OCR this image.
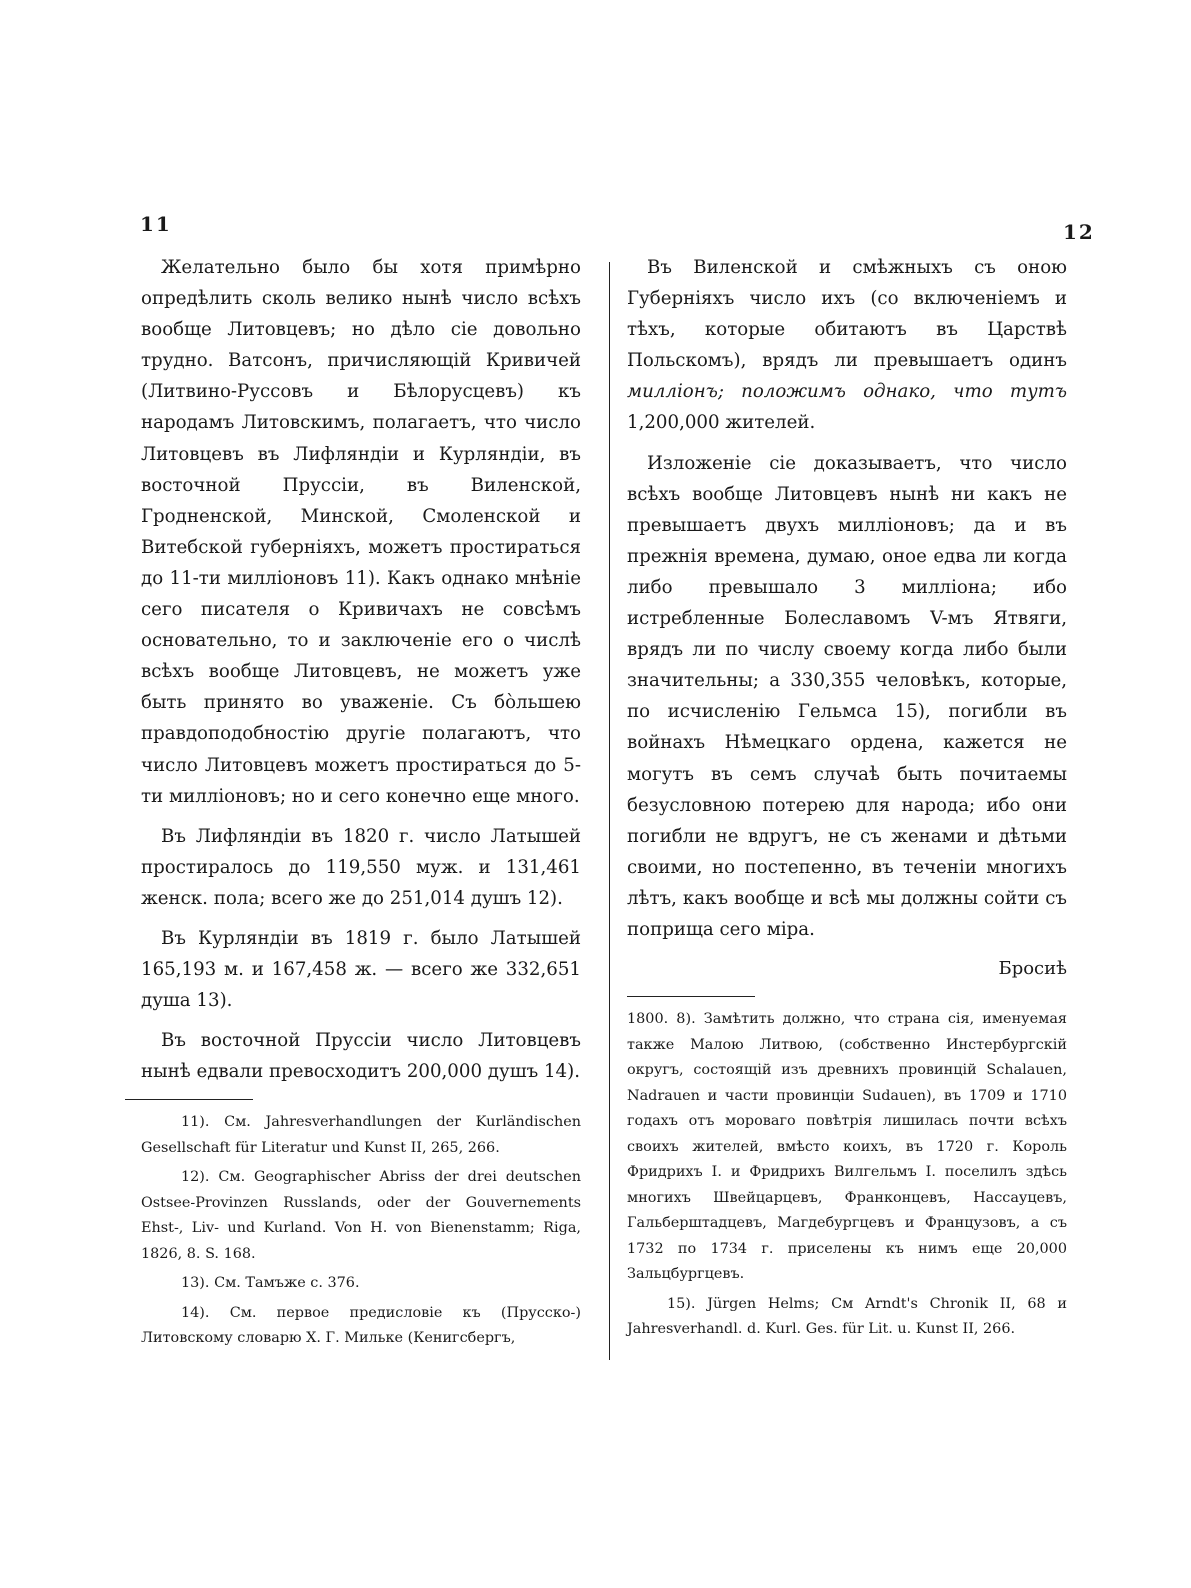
11	12

Желательно было бы хотя примѣрно опредѣлить сколь велико нынѣ число всѣхъ вообще Литовцевъ; но дѣло сіе довольно трудно. Ватсонъ, причисляющій Кривичей (Литвино-Руссовъ и Бѣлорусцевъ) къ народамъ Литовскимъ, полагаетъ, что число Литовцевъ въ Лифляндіи и Курляндіи, въ восточной Пруссіи, въ Виленской, Гродненской, Минской, Смоленской и Витебской губерніяхъ, можетъ простираться до 11-ти милліоновъ 11). Какъ однако мнѣніе сего писателя о Кривичахъ не совсѣмъ основательно, то и заключеніе его о числѣ всѣхъ вообще Литовцевъ, не можетъ уже быть принято во уваженіе. Съ бо̀льшею правдоподобностію другіе полагаютъ, что число Литовцевъ можетъ простираться до 5-ти милліоновъ; но и сего конечно еще много.

Въ Лифляндіи въ 1820 г. число Латышей простиралось до 119,550 муж. и 131,461 женск. пола; всего же до 251,014 душъ 12).

Въ Курляндіи въ 1819 г. было Латышей 165,193 м. и 167,458 ж. — всего же 332,651 душа 13).

Въ восточной Пруссіи число Литовцевъ нынѣ едвали превосходитъ 200,000 душъ 14).

11). См. Jahresverhandlungen der Kurländischen Gesellschaft für Literatur und Kunst II, 265, 266.

12). См. Geographischer Abriss der drei deutschen Ostsee-Provinzen Russlands, oder der Gouvernements Ehst-, Liv- und Kurland. Von H. von Bienenstamm; Riga, 1826, 8. S. 168.

13). См. Тамъже с. 376.

14). См. первое предисловіе къ (Прусско-) Литовскому словарю Х. Г. Мильке (Кенигсбергъ,

Въ Виленской и смѣжныхъ съ оною Губерніяхъ число ихъ (со включеніемъ и тѣхъ, которые обитаютъ въ Царствѣ Польскомъ), врядъ ли превышаетъ одинъ милліонъ; положимъ однако, что тутъ 1,200,000 жителей.

Изложеніе сіе доказываетъ, что число всѣхъ вообще Литовцевъ нынѣ ни какъ не превышаетъ двухъ милліоновъ; да и въ прежнія времена, думаю, оное едва ли когда либо превышало 3 милліона; ибо истребленные Болеславомъ V-мъ Ятвяги, врядъ ли по числу своему когда либо были значительны; а 330,355 человѣкъ, которые, по исчисленію Гельмса 15), погибли въ войнахъ Нѣмецкаго ордена, кажется не могутъ въ семъ случаѣ быть почитаемы безусловною потерею для народа; ибо они погибли не вдругъ, не съ женами и дѣтьми своими, но постепенно, въ теченіи многихъ лѣтъ, какъ вообще и всѣ мы должны сойти съ поприща сего міра.

Бросиѣ

1800. 8). Замѣтить должно, что страна сія, именуемая также Малою Литвою, (собственно Инстербургскій округъ, состоящій изъ древнихъ провинцій Schalauen, Nadrauen и части провинціи Sudauen), въ 1709 и 1710 годахъ отъ мороваго повѣтрія лишилась почти всѣхъ своихъ жителей, вмѣсто коихъ, въ 1720 г. Король Фридрихъ I. и Фридрихъ Вилгельмъ I. поселилъ здѣсь многихъ Швейцарцевъ, Франконцевъ, Нассауцевъ, Гальберштадцевъ, Магдебургцевъ и Французовъ, а съ 1732 по 1734 г. приселены къ нимъ еще 20,000 Зальцбургцевъ.

15). Jürgen Helms; См Arndt's Chronik II, 68 и Jahresverhandl. d. Kurl. Ges. für Lit. u. Kunst II, 266.
